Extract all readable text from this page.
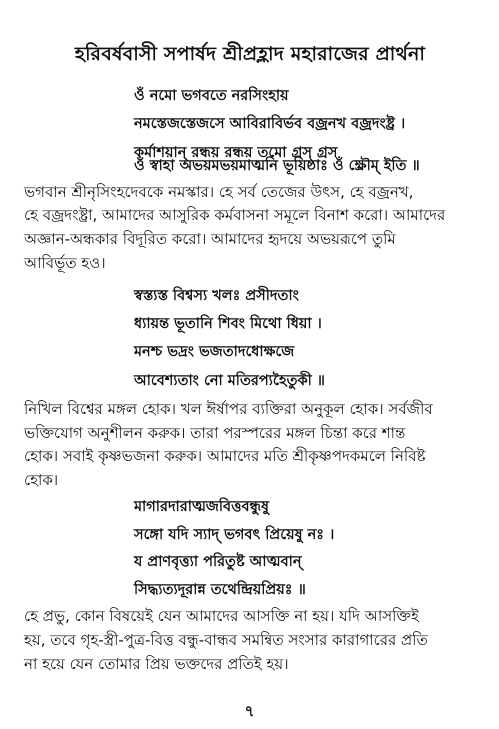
হরিবর্ষবাসী সপার্ষদ শ্রীপ্রহ্লাদ মহারাজের প্রার্থনা
ওঁ নমো ভগবতে নরসিংহায়
নমস্তেজস্তেজসে আবিরাবির্ভব বজ্রনখ বজ্রদংষ্ট্র ।
কর্মাশয়ান্ রন্ধয় রন্ধয় তমো গ্রস গ্রস
ওঁ স্বাহা অভয়মভয়মাত্মনি ভূয়িষ্ঠাঃ ওঁ ক্ষ্রৌম্ ইতি ॥
ভগবান শ্রীনৃসিংহদেবকে নমস্কার। হে সর্ব তেজের উৎস, হে বজ্রনখ,
হে বজ্রদংষ্ট্রা, আমাদের আসুরিক কর্মবাসনা সমূলে বিনাশ করো। আমাদের
অজ্ঞান-অন্ধকার বিদূরিত করো। আমাদের হৃদয়ে অভয়রূপে তুমি
আবির্ভূত হও।
স্বস্ত্যস্ত বিশ্বস্য খলঃ প্রসীদতাং
ধ্যায়ন্ত ভূতানি শিবং মিথো ধিয়া ।
মনশ্চ ভদ্রং ভজতাদধোক্ষজে
আবেশ্যতাং নো মতিরপ্যহৈতুকী ॥
নিখিল বিশ্বের মঙ্গল হোক। খল ঈর্ষাপর ব্যক্তিরা অনুকূল হোক। সর্বজীব
ভক্তিযোগ অনুশীলন করুক। তারা পরস্পরের মঙ্গল চিন্তা করে শান্ত
হোক। সবাই কৃষ্ণভজনা করুক। আমাদের মতি শ্রীকৃষ্ণপদকমলে নিবিষ্ট
হোক।
মাগারদারাত্মজবিত্তবন্ধুষু
সঙ্গো যদি স্যাদ্ ভগবৎ প্রিয়েষু নঃ ।
য প্রাণবৃত্ত্যা পরিতুষ্ট আত্মবান্
সিদ্ধ্যত্যদূরান্ন তথেন্দ্রিয়প্রিয়ঃ ॥
হে প্রভু, কোন বিষয়েই যেন আমাদের আসক্তি না হয়। যদি আসক্তিই
হয়, তবে গৃহ-স্ত্রী-পুত্র-বিত্ত বন্ধু-বান্ধব সমন্বিত সংসার কারাগারের প্রতি
না হয়ে যেন তোমার প্রিয় ভক্তদের প্রতিই হয়।
৭
